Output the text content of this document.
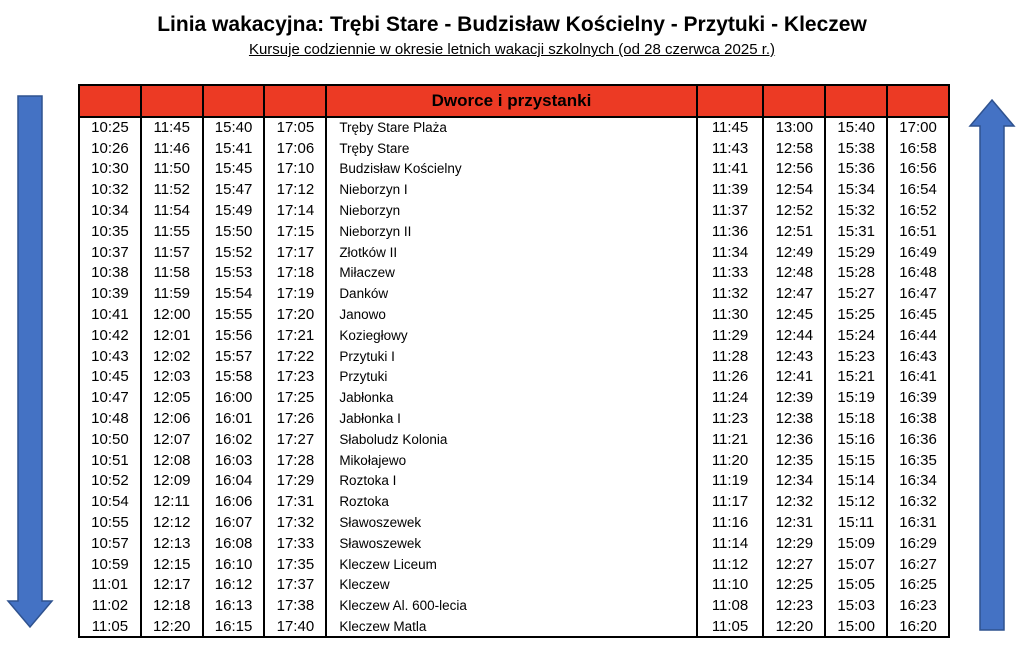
Linia wakacyjna: Trębi Stare - Budzisław Kościelny - Przytuki - Kleczew
Kursuje codziennie w okresie letnich wakacji szkolnych (od 28 czerwca 2025 r.)
				Dworce i przystanki				
10:25	11:45	15:40	17:05	Tręby Stare Plaża	11:45	13:00	15:40	17:00
10:26	11:46	15:41	17:06	Tręby Stare	11:43	12:58	15:38	16:58
10:30	11:50	15:45	17:10	Budzisław Kościelny	11:41	12:56	15:36	16:56
10:32	11:52	15:47	17:12	Nieborzyn I	11:39	12:54	15:34	16:54
10:34	11:54	15:49	17:14	Nieborzyn	11:37	12:52	15:32	16:52
10:35	11:55	15:50	17:15	Nieborzyn II	11:36	12:51	15:31	16:51
10:37	11:57	15:52	17:17	Złotków II	11:34	12:49	15:29	16:49
10:38	11:58	15:53	17:18	Miłaczew	11:33	12:48	15:28	16:48
10:39	11:59	15:54	17:19	Danków	11:32	12:47	15:27	16:47
10:41	12:00	15:55	17:20	Janowo	11:30	12:45	15:25	16:45
10:42	12:01	15:56	17:21	Koziegłowy	11:29	12:44	15:24	16:44
10:43	12:02	15:57	17:22	Przytuki I	11:28	12:43	15:23	16:43
10:45	12:03	15:58	17:23	Przytuki	11:26	12:41	15:21	16:41
10:47	12:05	16:00	17:25	Jabłonka	11:24	12:39	15:19	16:39
10:48	12:06	16:01	17:26	Jabłonka I	11:23	12:38	15:18	16:38
10:50	12:07	16:02	17:27	Słaboludz Kolonia	11:21	12:36	15:16	16:36
10:51	12:08	16:03	17:28	Mikołajewo	11:20	12:35	15:15	16:35
10:52	12:09	16:04	17:29	Roztoka I	11:19	12:34	15:14	16:34
10:54	12:11	16:06	17:31	Roztoka	11:17	12:32	15:12	16:32
10:55	12:12	16:07	17:32	Sławoszewek	11:16	12:31	15:11	16:31
10:57	12:13	16:08	17:33	Sławoszewek	11:14	12:29	15:09	16:29
10:59	12:15	16:10	17:35	Kleczew Liceum	11:12	12:27	15:07	16:27
11:01	12:17	16:12	17:37	Kleczew	11:10	12:25	15:05	16:25
11:02	12:18	16:13	17:38	Kleczew Al. 600-lecia	11:08	12:23	15:03	16:23
11:05	12:20	16:15	17:40	Kleczew Matla	11:05	12:20	15:00	16:20
